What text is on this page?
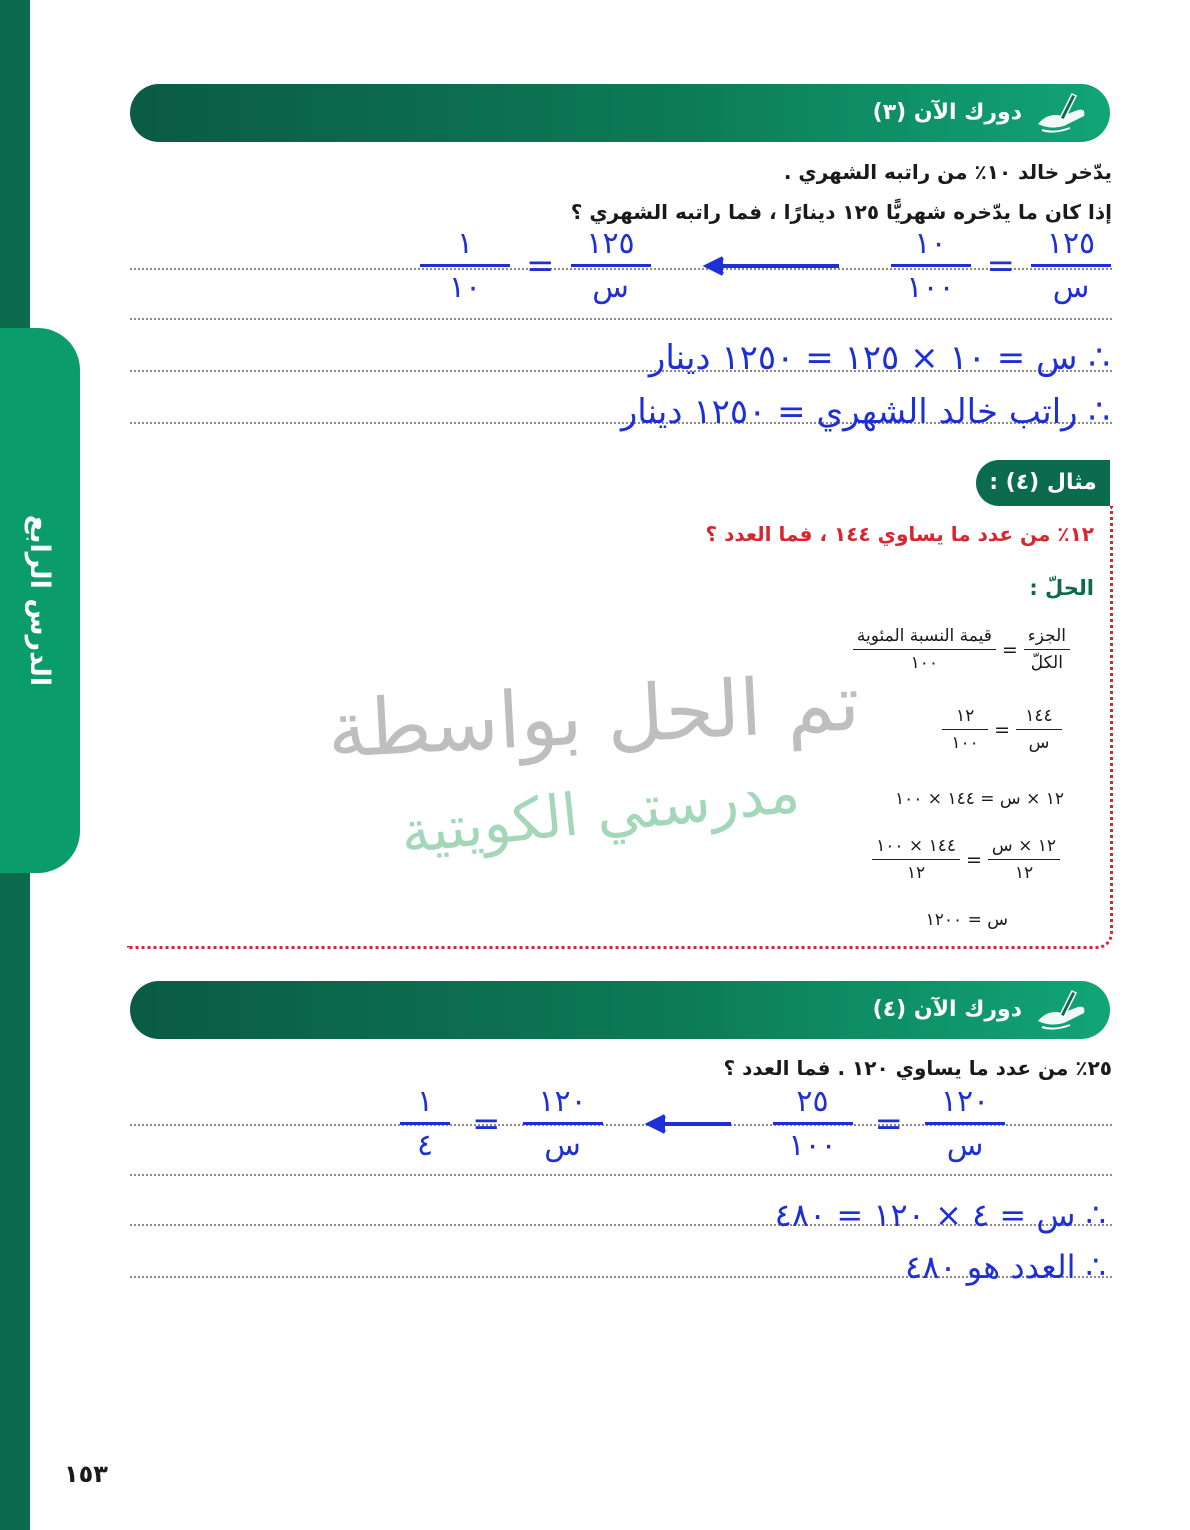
الدرس الرابع
دورك الآن (٣)
يدّخر خالد ١٠٪ من راتبه الشهري .
إذا كان ما يدّخره شهريًّا ١٢٥ دينارًا ، فما راتبه الشهري ؟
$\frac{١٢٥}{\text{س}}$
=
$\frac{١٠}{١٠٠}$
$\frac{١٢٥}{\text{س}}$
=
$\frac{١}{١٠}$
∴ س = ١٠ × ١٢٥ = ١٢٥٠ دينار
∴ راتب خالد الشهري = ١٢٥٠ دينار
مثال (٤) :
١٢٪ من عدد ما يساوي ١٤٤ ، فما العدد ؟
الحلّ :
$\frac{\text{الجزء}}{\text{الكلّ}}$
=
$\frac{\text{قيمة النسبة المئوية}}{١٠٠}$
$\frac{١٤٤}{\text{س}}$
=
$\frac{١٢}{١٠٠}$
١٢ × س = ١٤٤ × ١٠٠
$\frac{\text{١٢ × س}}{١٢}$
=
$\frac{١٤٤ \times ١٠٠}{١٢}$
س = ١٢٠٠
تم الحل بواسطة
مدرستي الكويتية
دورك الآن (٤)
٢٥٪ من عدد ما يساوي ١٢٠ . فما العدد ؟
$\frac{١٢٠}{\text{س}}$
=
$\frac{٢٥}{١٠٠}$
$\frac{١٢٠}{\text{س}}$
=
$\frac{١}{٤}$
∴ س = ٤ × ١٢٠ = ٤٨٠
∴ العدد هو ٤٨٠
١٥٣
